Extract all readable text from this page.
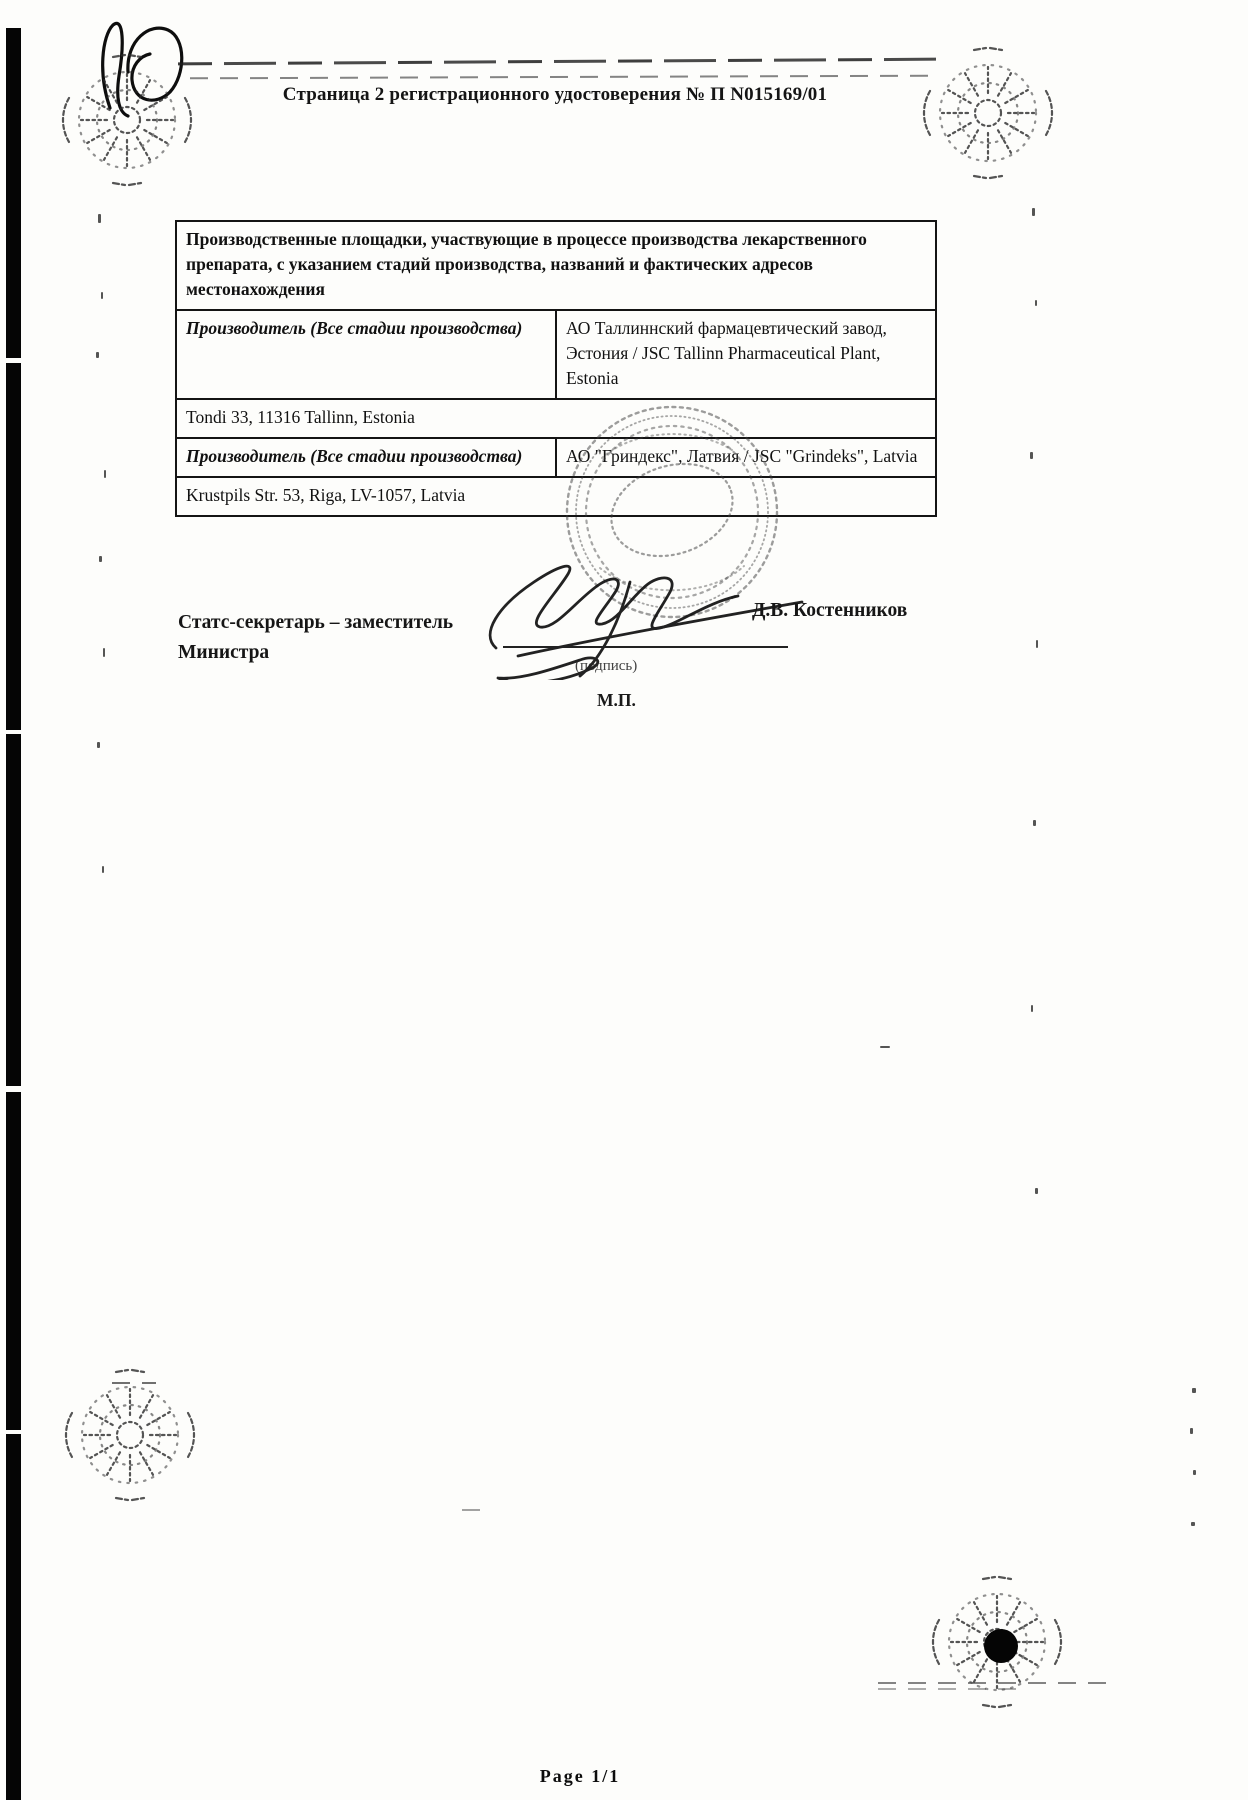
Страница 2 регистрационного удостоверения № П N015169/01
Производственные площадки, участвующие в процессе производства лекарственного препарата, с указанием стадий производства, названий и фактических адресов местонахождения	
Производитель (Все стадии производства)	АО Таллиннский фармацевтический завод, Эстония / JSC Tallinn Pharmaceutical Plant, Estonia
Tondi 33, 11316 Tallinn, Estonia	
Производитель (Все стадии производства)	АО "Гриндекс", Латвия / JSC "Grindeks", Latvia
Krustpils Str. 53, Riga, LV-1057, Latvia	
Статс-секретарь – заместитель
Министра
Д.В. Костенников
(подпись)
М.П.
Page 1/1
